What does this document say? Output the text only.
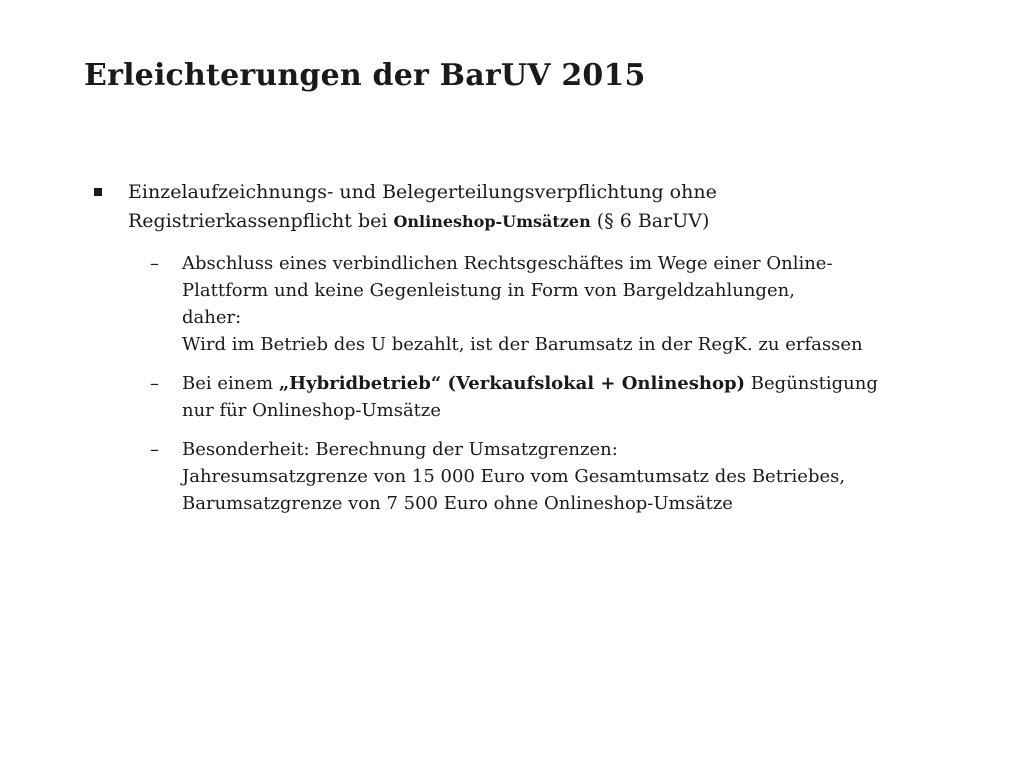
Erleichterungen der BarUV 2015
Einzelaufzeichnungs- und Belegerteilungsverpflichtung ohne
Registrierkassenpflicht bei Onlineshop-Umsätzen (§ 6 BarUV)
– Abschluss eines verbindlichen Rechtsgeschäftes im Wege einer Online-
Plattform und keine Gegenleistung in Form von Bargeldzahlungen,
daher:
Wird im Betrieb des U bezahlt, ist der Barumsatz in der RegK. zu erfassen
– Bei einem „Hybridbetrieb“ (Verkaufslokal + Onlineshop) Begünstigung
nur für Onlineshop-Umsätze
– Besonderheit: Berechnung der Umsatzgrenzen:
Jahresumsatzgrenze von 15 000 Euro vom Gesamtumsatz des Betriebes,
Barumsatzgrenze von 7 500 Euro ohne Onlineshop-Umsätze
